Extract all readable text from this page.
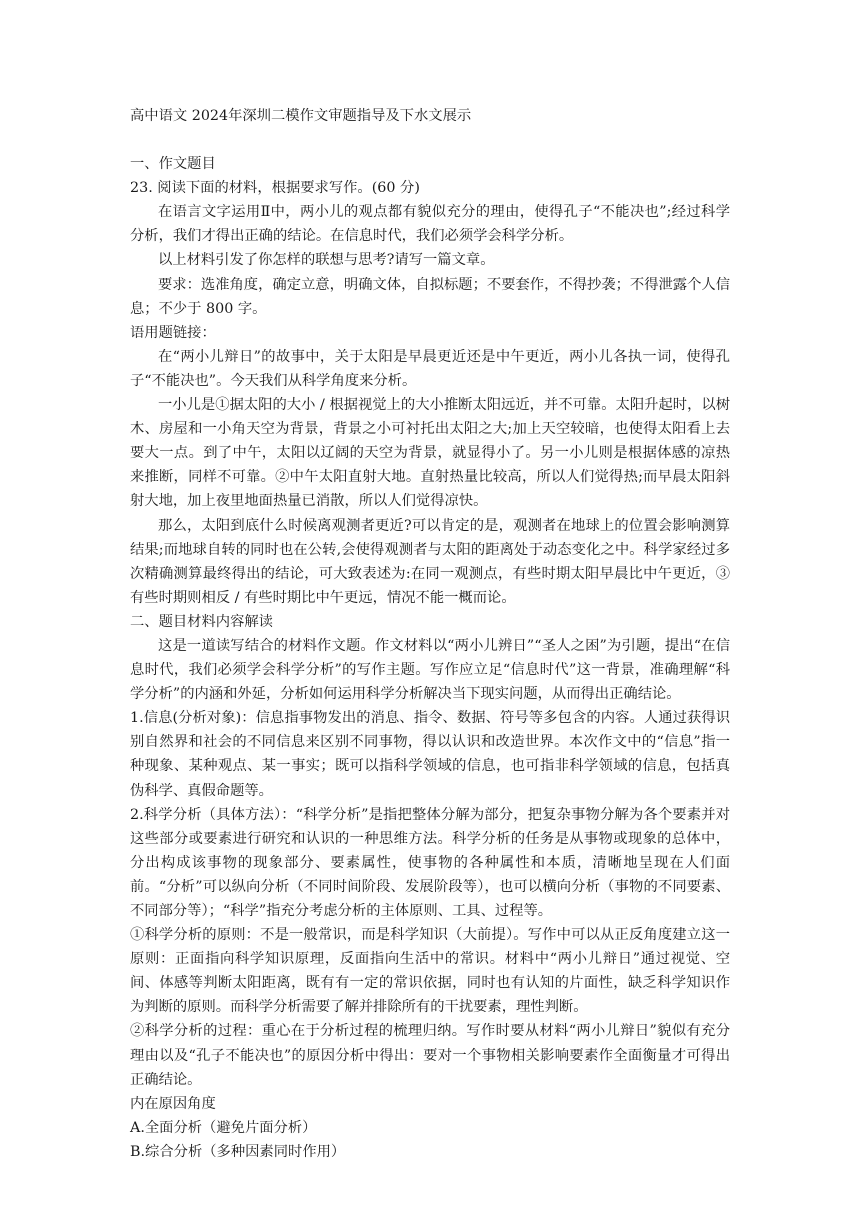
高中语文 2024年深圳二模作文审题指导及下水文展示

一、作文题目

23. 阅读下面的材料，根据要求写作。(60 分)

在语言文字运用Ⅱ中，两小儿的观点都有貌似充分的理由，使得孔子“不能决也”;经过科学分析，我们才得出正确的结论。在信息时代，我们必须学会科学分析。

以上材料引发了你怎样的联想与思考?请写一篇文章。

要求：选准角度，确定立意，明确文体，自拟标题；不要套作，不得抄袭；不得泄露个人信息；不少于 800 字。

语用题链接：

在“两小儿辩日”的故事中，关于太阳是早晨更近还是中午更近，两小儿各执一词，使得孔子“不能决也”。今天我们从科学角度来分析。

一小儿是①据太阳的大小 / 根据视觉上的大小推断太阳远近，并不可靠。太阳升起时，以树木、房屋和一小角天空为背景，背景之小可衬托出太阳之大;加上天空较暗，也使得太阳看上去要大一点。到了中午，太阳以辽阔的天空为背景，就显得小了。另一小儿则是根据体感的凉热来推断，同样不可靠。②中午太阳直射大地。直射热量比较高，所以人们觉得热;而早晨太阳斜射大地，加上夜里地面热量已消散，所以人们觉得凉快。

那么，太阳到底什么时候离观测者更近?可以肯定的是，观测者在地球上的位置会影响测算结果;而地球自转的同时也在公转,会使得观测者与太阳的距离处于动态变化之中。科学家经过多次精确测算最终得出的结论，可大致表述为:在同一观测点，有些时期太阳早晨比中午更近，③有些时期则相反 / 有些时期比中午更远，情况不能一概而论。

二、题目材料内容解读

这是一道读写结合的材料作文题。作文材料以“两小儿辨日”“圣人之困”为引题，提出“在信息时代，我们必须学会科学分析”的写作主题。写作应立足“信息时代”这一背景，准确理解“科学分析”的内涵和外延，分析如何运用科学分析解决当下现实问题，从而得出正确结论。

1.信息(分析对象)：信息指事物发出的消息、指令、数据、符号等多包含的内容。人通过获得识别自然界和社会的不同信息来区别不同事物，得以认识和改造世界。本次作文中的“信息”指一种现象、某种观点、某一事实；既可以指科学领域的信息，也可指非科学领域的信息，包括真伪科学、真假命题等。

2.科学分析（具体方法）：“科学分析”是指把整体分解为部分，把复杂事物分解为各个要素并对这些部分或要素进行研究和认识的一种思维方法。科学分析的任务是从事物或现象的总体中，分出构成该事物的现象部分、要素属性，使事物的各种属性和本质，清晰地呈现在人们面前。“分析”可以纵向分析（不同时间阶段、发展阶段等），也可以横向分析（事物的不同要素、不同部分等）；“科学”指充分考虑分析的主体原则、工具、过程等。

①科学分析的原则：不是一般常识，而是科学知识（大前提）。写作中可以从正反角度建立这一原则：正面指向科学知识原理，反面指向生活中的常识。材料中“两小儿辩日”通过视觉、空间、体感等判断太阳距离，既有有一定的常识依据，同时也有认知的片面性，缺乏科学知识作为判断的原则。而科学分析需要了解并排除所有的干扰要素，理性判断。

②科学分析的过程：重心在于分析过程的梳理归纳。写作时要从材料“两小儿辩日”貌似有充分理由以及“孔子不能决也”的原因分析中得出：要对一个事物相关影响要素作全面衡量才可得出正确结论。

内在原因角度

A.全面分析（避免片面分析）

B.综合分析（多种因素同时作用）
